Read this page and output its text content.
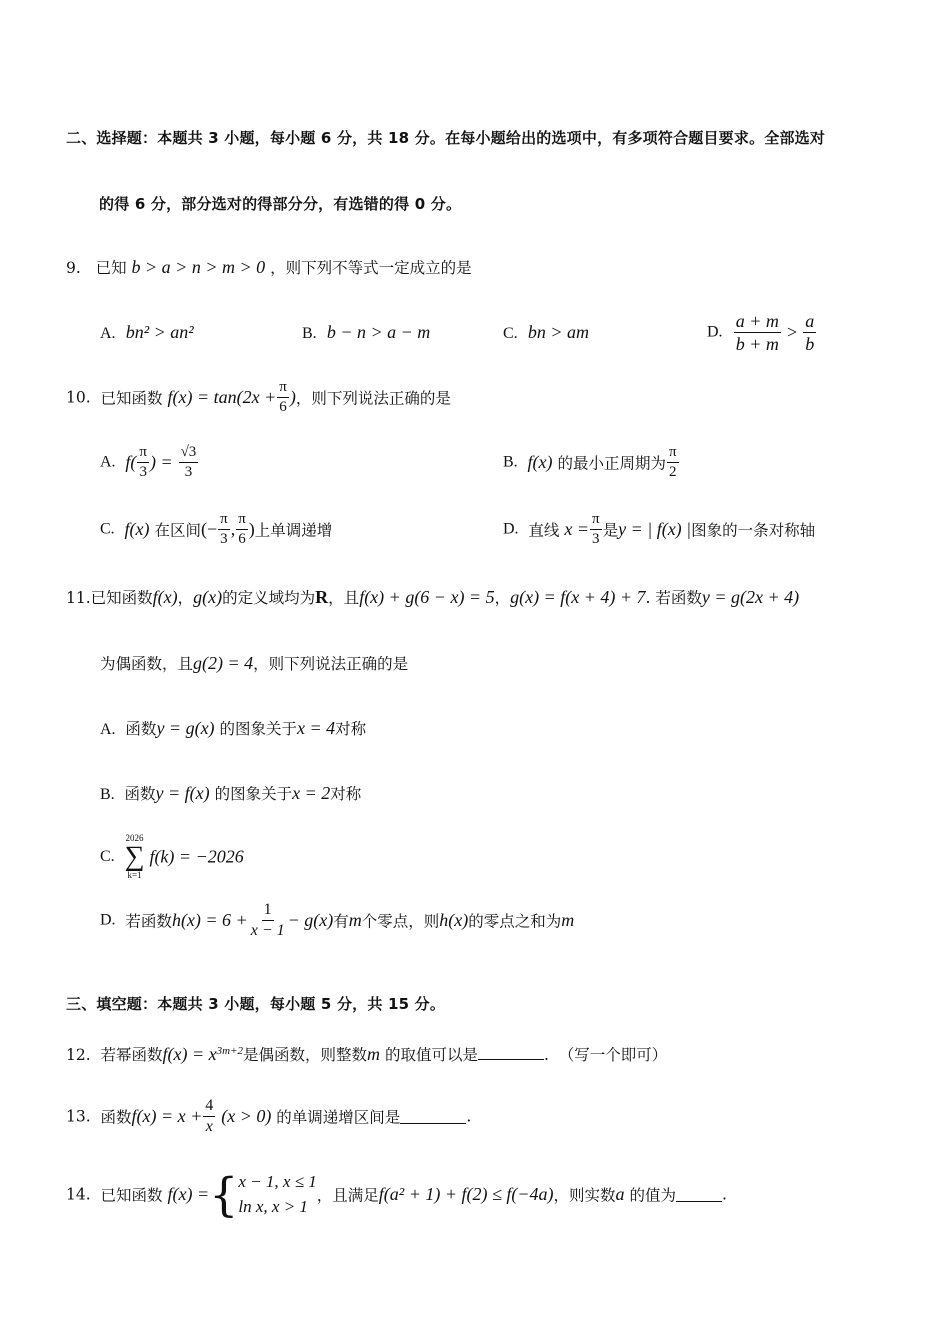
二、选择题：本题共 3 小题，每小题 6 分，共 18 分。在每小题给出的选项中，有多项符合题目要求。全部选对
的得 6 分，部分选对的得部分分，有选错的得 0 分。
9. 已知 b > a > n > m > 0 ，则下列不等式一定成立的是
A. bn² > an²	B. b − n > a − m	C. bn > am	D. $\frac{a + m}{b + m} > \frac{a}{b}$
10. 已知函数 $f(x) = \tan(2x + \frac{\pi}{6}$ )，则下列说法正确的是
A. $f( \frac{\pi}{3}$ ) = $\frac{√3}{3}$	B. f(x) 的最小正周期为 $\frac{\pi}{2}$
C. f(x) 在区间(− $\frac{\pi}{3}$ , $\frac{\pi}{6}$ )上单调递增	D. 直线 $x = \frac{\pi}{3}$ 是y = | f(x) |图象的一条对称轴
11.已知函数f(x)，g(x)的定义域均为R，且f(x) + g(6 − x) = 5，g(x) = f(x + 4) + 7. 若函数y = g(2x + 4)
为偶函数，且g(2) = 4，则下列说法正确的是
A. 函数y = g(x) 的图象关于x = 4对称
B. 函数y = f(x) 的图象关于x = 2对称
C.
2026
∑
k=1
f(k) = −2026
D. 若函数$h(x) = 6 + \frac{1}{x - 1} - g(x)$有m个零点，则h(x)的零点之和为m
三、填空题：本题共 3 小题，每小题 5 分，共 15 分。
12. 若幂函数$f(x) = x^{3m+2}$是偶函数，则整数m 的取值可以是	. （写一个即可）
13. 函数$f(x) = x + \frac{4}{x} (x > 0)$ 的单调递增区间是	.
14. 已知函数 f(x) ={ x − 1, x ≤ 1
ln x, x > 1
，且满足f(a² + 1) + f(2) ≤ f(−4a)，则实数a 的值为	.
